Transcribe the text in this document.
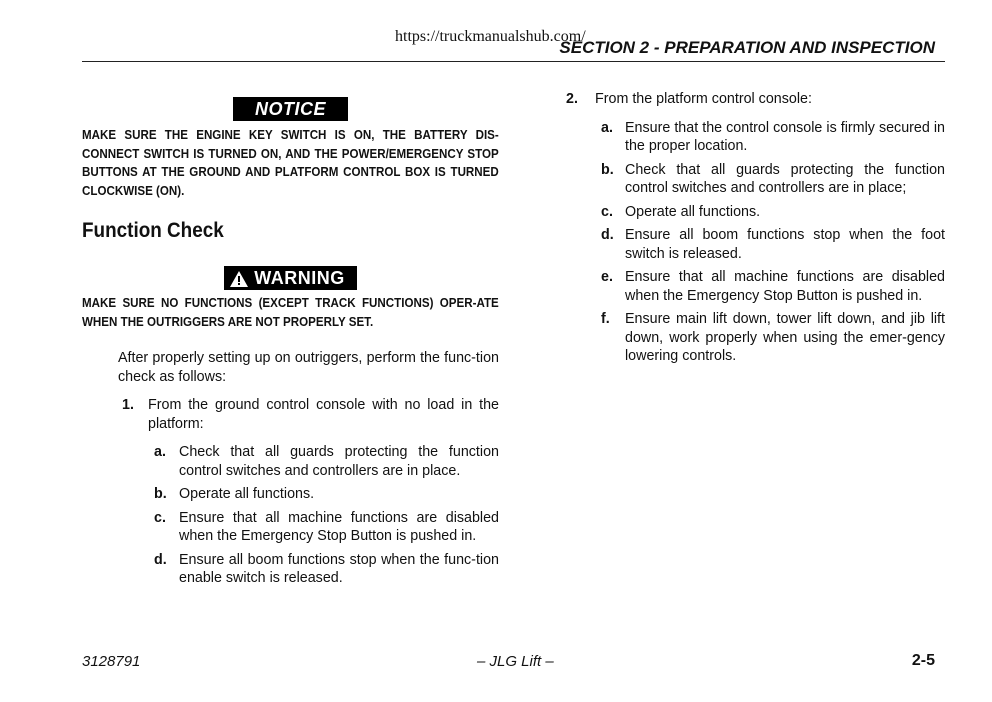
https://truckmanualshub.com/
SECTION 2 - PREPARATION AND INSPECTION
NOTICE
MAKE SURE THE ENGINE KEY SWITCH IS ON, THE BATTERY DIS-CONNECT SWITCH IS TURNED ON, AND THE POWER/EMERGENCY STOP BUTTONS AT THE GROUND AND PLATFORM CONTROL BOX IS TURNED CLOCKWISE (ON).
Function Check
WARNING
MAKE SURE NO FUNCTIONS (EXCEPT TRACK FUNCTIONS) OPER-ATE WHEN THE OUTRIGGERS ARE NOT PROPERLY SET.

After properly setting up on outriggers, perform the func-tion check as follows:

1. From the ground control console with no load in the platform:
a. Check that all guards protecting the function control switches and controllers are in place.
b. Operate all functions.
c. Ensure that all machine functions are disabled when the Emergency Stop Button is pushed in.
d. Ensure all boom functions stop when the func-tion enable switch is released.
2. From the platform control console:
a. Ensure that the control console is firmly secured in the proper location.
b. Check that all guards protecting the function control switches and controllers are in place;
c. Operate all functions.
d. Ensure all boom functions stop when the foot switch is released.
e. Ensure that all machine functions are disabled when the Emergency Stop Button is pushed in.
f. Ensure main lift down, tower lift down, and jib lift down, work properly when using the emer-gency lowering controls.
3128791	– JLG Lift –	2-5
